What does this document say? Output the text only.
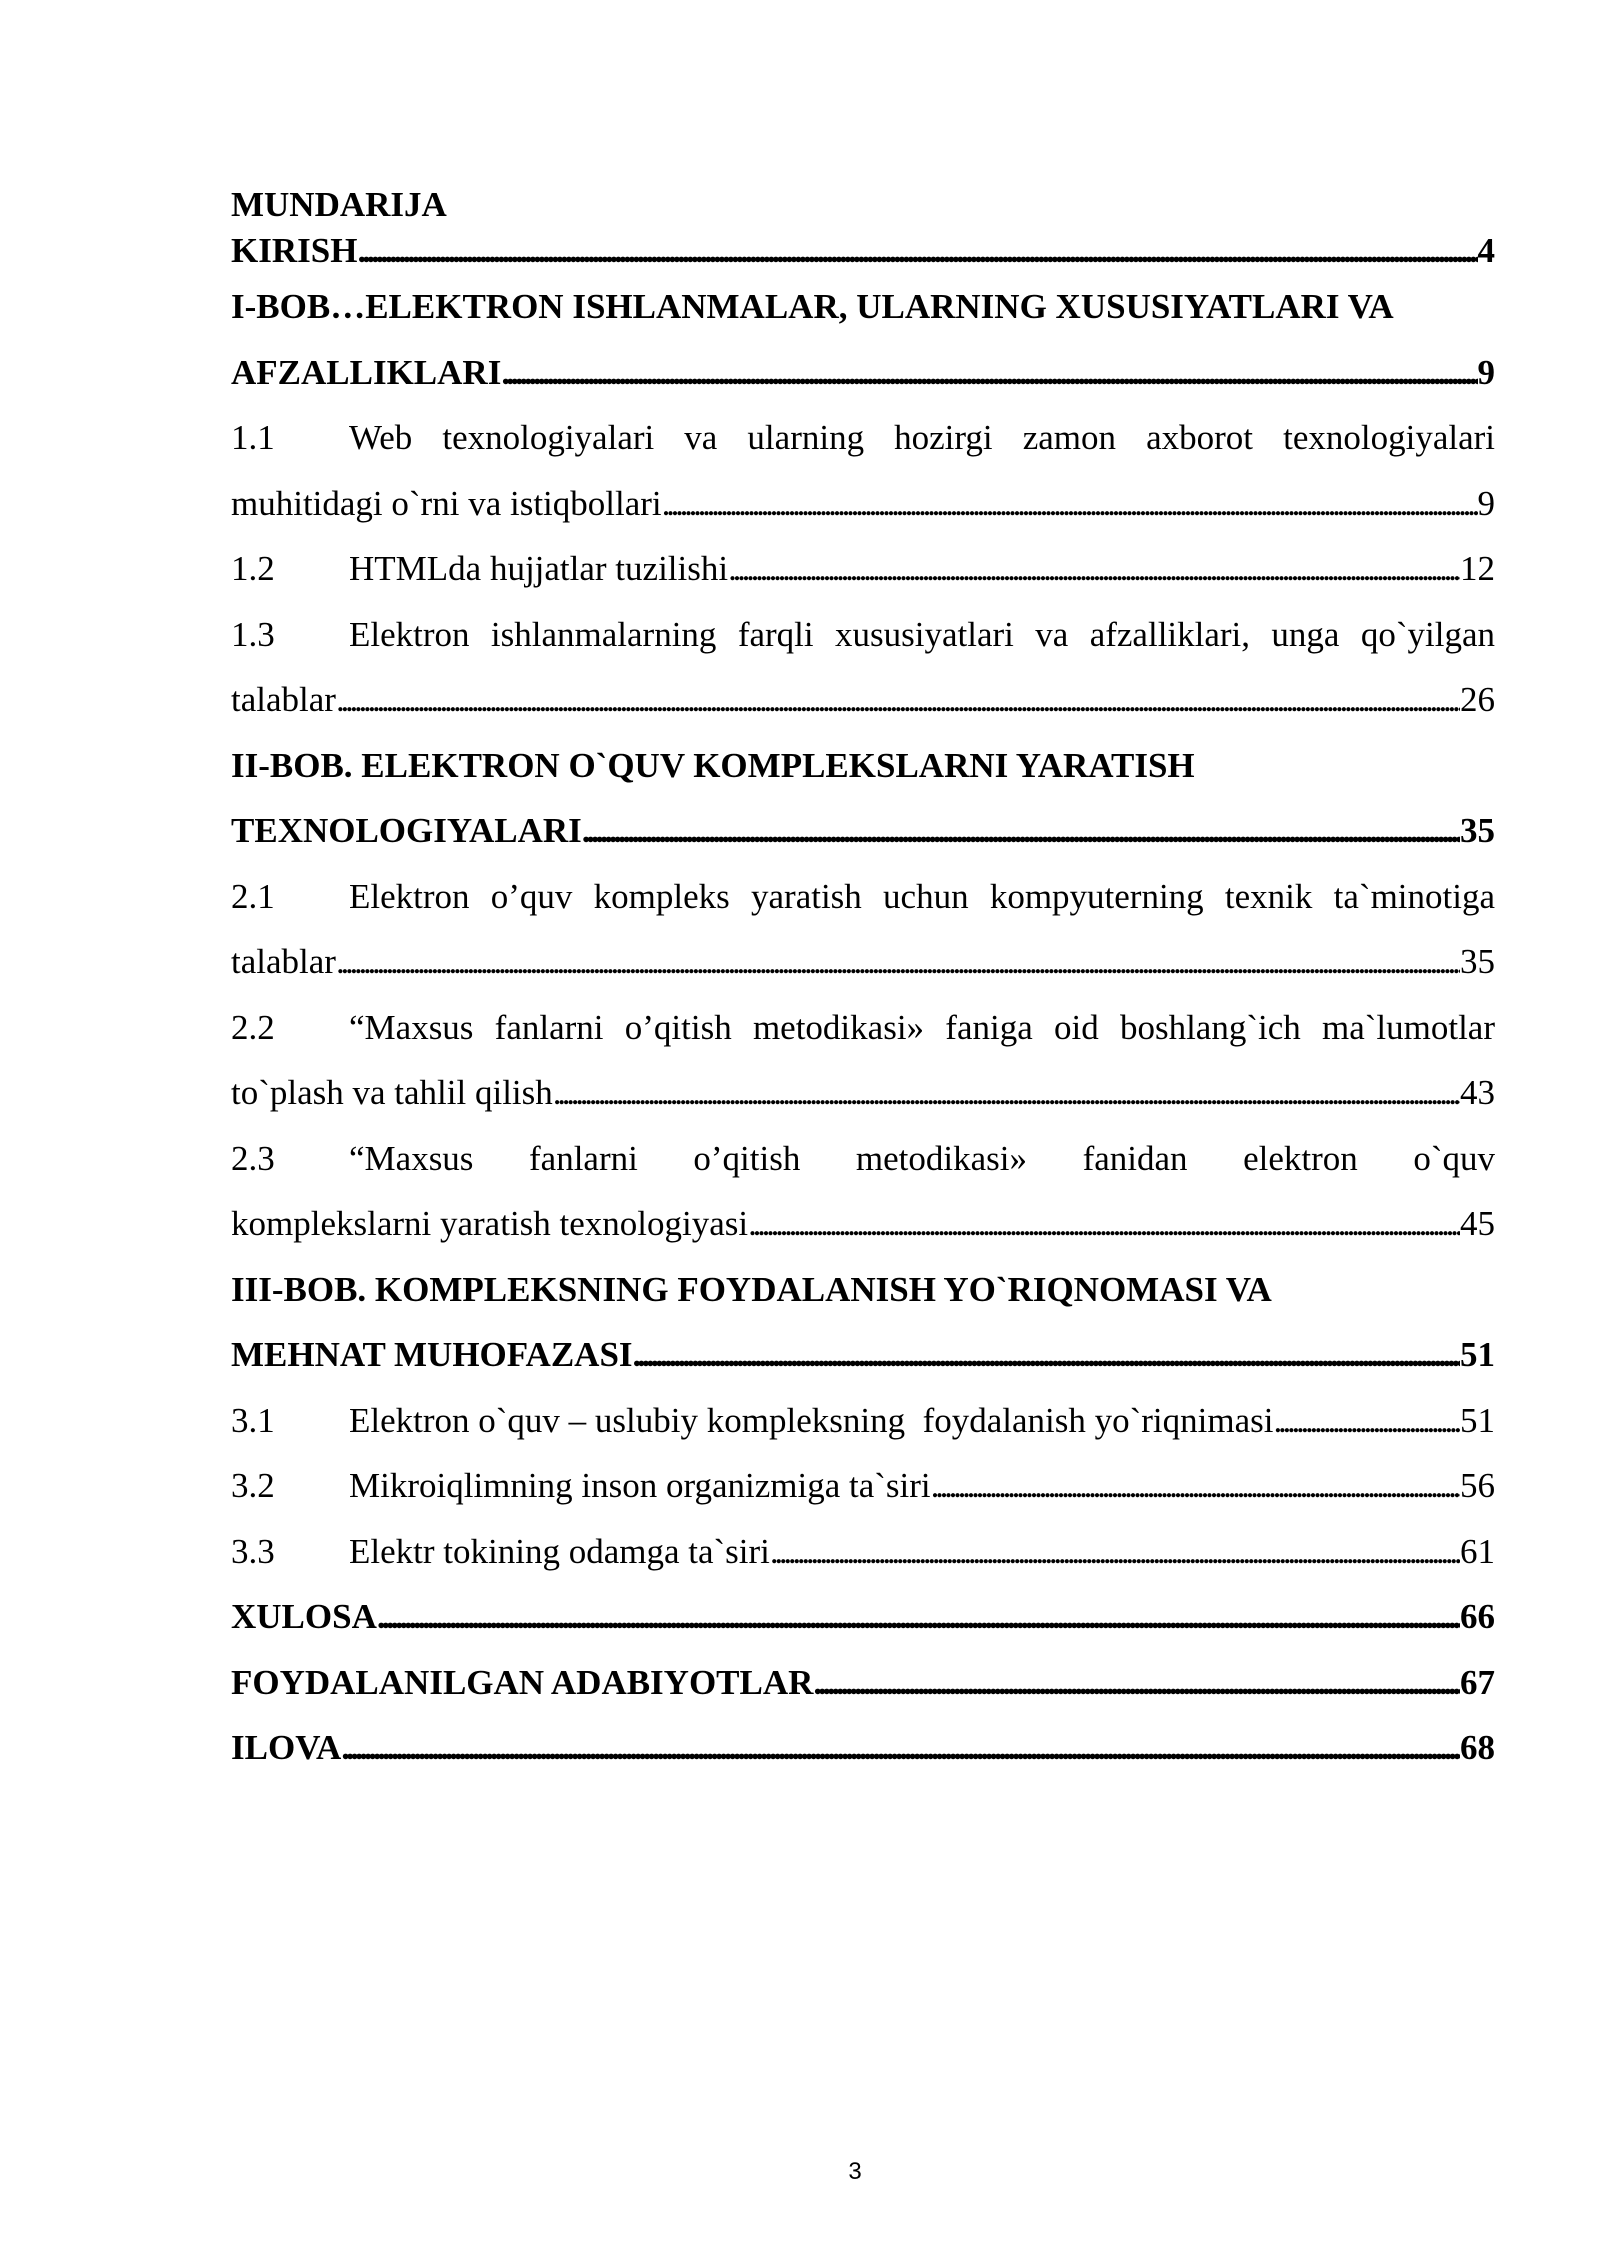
MUNDARIJA
KIRISH . . .	4
I-BOB…ELEKTRON ISHLANMALAR, ULARNING XUSUSIYATLARI VA
AFZALLIKLARI . . .	9
1.1 Web texnologiyalari va ularning hozirgi zamon axborot texnologiyalari
muhitidagi o`rni va istiqbollari . . .	9
1.2	HTMLda hujjatlar tuzilishi . . .	12
1.3 Elektron ishlanmalarning farqli xususiyatlari va afzalliklari, unga qo`yilgan
talablar . . .	26
II-BOB. ELEKTRON O`QUV KOMPLEKSLARNI YARATISH
TEXNOLOGIYALARI . . .	35
2.1 Elektron o’quv kompleks yaratish uchun kompyuterning texnik ta`minotiga
talablar . . .	35
2.2 “Maxsus fanlarni o’qitish metodikasi» faniga oid boshlang`ich ma`lumotlar
to`plash va tahlil qilish . . .	43
2.3 “Maxsus fanlarni o’qitish metodikasi» fanidan elektron o`quv
komplekslarni yaratish texnologiyasi . . .	45
III-BOB. KOMPLEKSNING FOYDALANISH YO`RIQNOMASI VA
MEHNAT MUHOFAZASI . . .	51
3.1	Elektron o`quv – uslubiy kompleksning  foydalanish yo`riqnimasi . . .	51
3.2	Mikroiqlimning inson organizmiga ta`siri . . .	56
3.3	Elektr tokining odamga ta`siri . . .	61
XULOSA . . .	66
FOYDALANILGAN ADABIYOTLAR . . .	67
ILOVA . . .	68
3
